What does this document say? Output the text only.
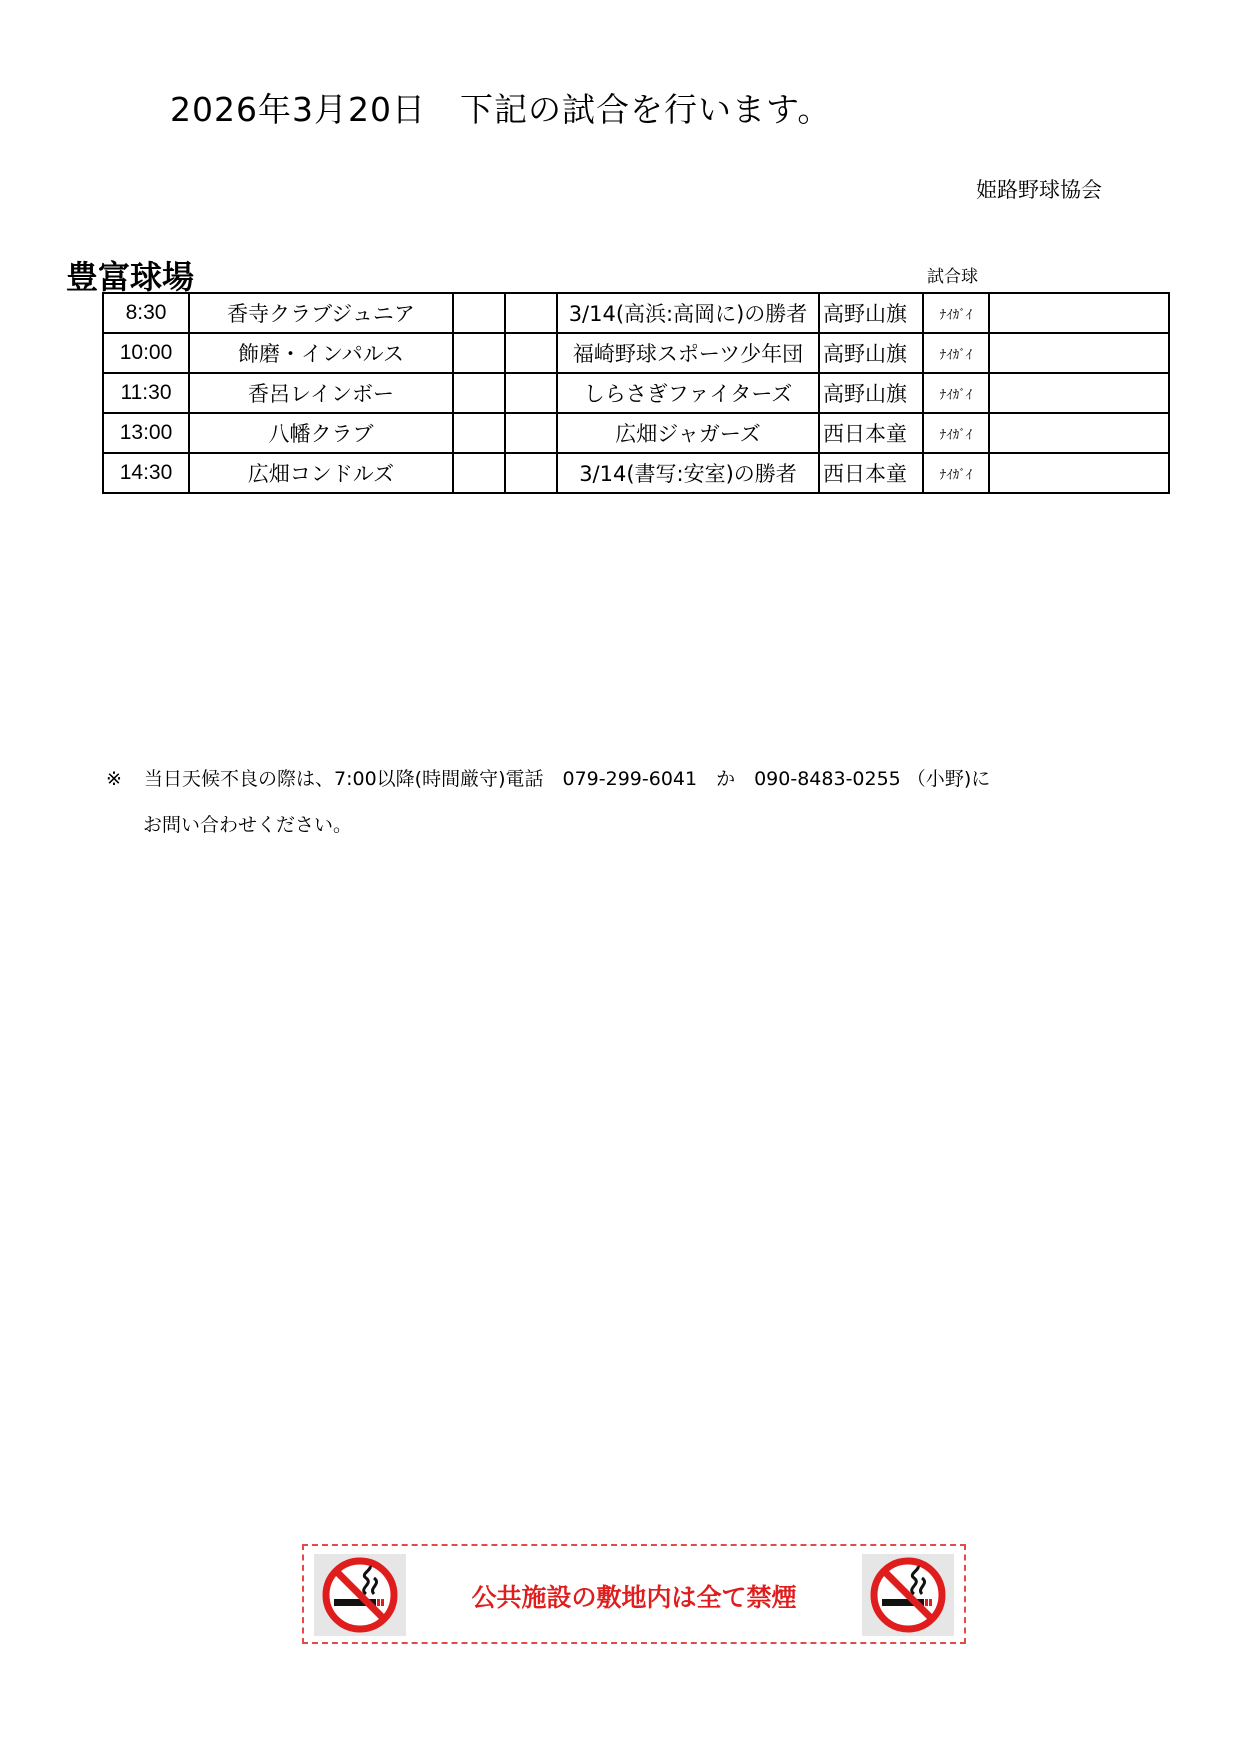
2026年3月20日　下記の試合を行います。
姫路野球協会
豊富球場	試合球
8:30	香寺クラブジュニア			3/14(高浜:高岡に)の勝者	高野山旗	ﾅｲｶﾞｲ	
10:00	飾磨・インパルス			福崎野球スポーツ少年団	高野山旗	ﾅｲｶﾞｲ	
11:30	香呂レインボー			しらさぎファイターズ	高野山旗	ﾅｲｶﾞｲ	
13:00	八幡クラブ			広畑ジャガーズ	西日本童	ﾅｲｶﾞｲ	
14:30	広畑コンドルズ			3/14(書写:安室)の勝者	西日本童	ﾅｲｶﾞｲ	
※ 当日天候不良の際は、7:00以降(時間厳守)電話　079-299-6041　か　090-8483-0255 （小野)に
お問い合わせください。
公共施設の敷地内は全て禁煙
